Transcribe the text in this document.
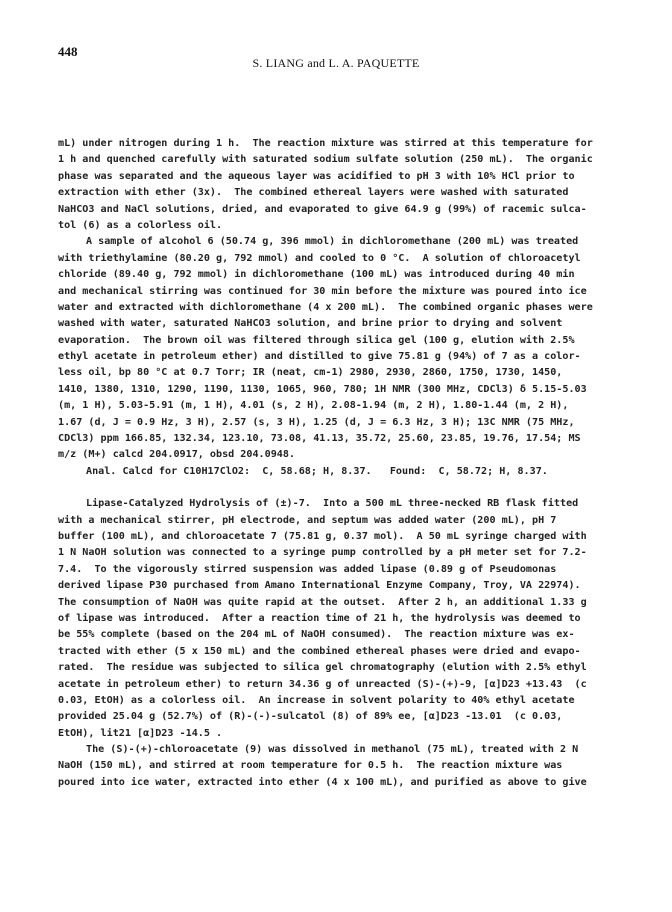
448
S. LIANG and L. A. PAQUETTE
mL) under nitrogen during 1 h.  The reaction mixture was stirred at this temperature for
1 h and quenched carefully with saturated sodium sulfate solution (250 mL).  The organic
phase was separated and the aqueous layer was acidified to pH 3 with 10% HCl prior to
extraction with ether (3x).  The combined ethereal layers were washed with saturated
NaHCO3 and NaCl solutions, dried, and evaporated to give 64.9 g (99%) of racemic sulca-
tol (6) as a colorless oil.
A sample of alcohol 6 (50.74 g, 396 mmol) in dichloromethane (200 mL) was treated
with triethylamine (80.20 g, 792 mmol) and cooled to 0 °C.  A solution of chloroacetyl
chloride (89.40 g, 792 mmol) in dichloromethane (100 mL) was introduced during 40 min
and mechanical stirring was continued for 30 min before the mixture was poured into ice
water and extracted with dichloromethane (4 x 200 mL).  The combined organic phases were
washed with water, saturated NaHCO3 solution, and brine prior to drying and solvent
evaporation.  The brown oil was filtered through silica gel (100 g, elution with 2.5%
ethyl acetate in petroleum ether) and distilled to give 75.81 g (94%) of 7 as a color-
less oil, bp 80 °C at 0.7 Torr; IR (neat, cm-1) 2980, 2930, 2860, 1750, 1730, 1450,
1410, 1380, 1310, 1290, 1190, 1130, 1065, 960, 780; 1H NMR (300 MHz, CDCl3) δ 5.15-5.03
(m, 1 H), 5.03-5.91 (m, 1 H), 4.01 (s, 2 H), 2.08-1.94 (m, 2 H), 1.80-1.44 (m, 2 H),
1.67 (d, J = 0.9 Hz, 3 H), 2.57 (s, 3 H), 1.25 (d, J = 6.3 Hz, 3 H); 13C NMR (75 MHz,
CDCl3) ppm 166.85, 132.34, 123.10, 73.08, 41.13, 35.72, 25.60, 23.85, 19.76, 17.54; MS
m/z (M+) calcd 204.0917, obsd 204.0948.
Anal. Calcd for C10H17ClO2:  C, 58.68; H, 8.37.   Found:  C, 58.72; H, 8.37.
Lipase-Catalyzed Hydrolysis of (±)-7.  Into a 500 mL three-necked RB flask fitted
with a mechanical stirrer, pH electrode, and septum was added water (200 mL), pH 7
buffer (100 mL), and chloroacetate 7 (75.81 g, 0.37 mol).  A 50 mL syringe charged with
1 N NaOH solution was connected to a syringe pump controlled by a pH meter set for 7.2-
7.4.  To the vigorously stirred suspension was added lipase (0.89 g of Pseudomonas
derived lipase P30 purchased from Amano International Enzyme Company, Troy, VA 22974).
The consumption of NaOH was quite rapid at the outset.  After 2 h, an additional 1.33 g
of lipase was introduced.  After a reaction time of 21 h, the hydrolysis was deemed to
be 55% complete (based on the 204 mL of NaOH consumed).  The reaction mixture was ex-
tracted with ether (5 x 150 mL) and the combined ethereal phases were dried and evapo-
rated.  The residue was subjected to silica gel chromatography (elution with 2.5% ethyl
acetate in petroleum ether) to return 34.36 g of unreacted (S)-(+)-9, [α]D23 +13.43  (c
0.03, EtOH) as a colorless oil.  An increase in solvent polarity to 40% ethyl acetate
provided 25.04 g (52.7%) of (R)-(-)-sulcatol (8) of 89% ee, [α]D23 -13.01  (c 0.03,
EtOH), lit21 [α]D23 -14.5 .
The (S)-(+)-chloroacetate (9) was dissolved in methanol (75 mL), treated with 2 N
NaOH (150 mL), and stirred at room temperature for 0.5 h.  The reaction mixture was
poured into ice water, extracted into ether (4 x 100 mL), and purified as above to give
